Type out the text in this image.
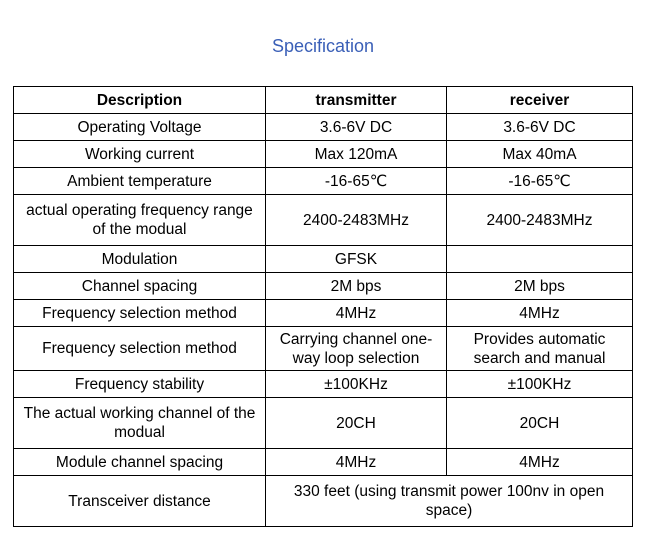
Specification
Description	transmitter	receiver
Operating Voltage	3.6-6V DC	3.6-6V DC
Working current	Max 120mA	Max 40mA
Ambient temperature	-16-65℃	-16-65℃
actual operating frequency range of the modual	2400-2483MHz	2400-2483MHz
Modulation	GFSK	
Channel spacing	2M bps	2M bps
Frequency selection method	4MHz	4MHz
Frequency selection method	Carrying channel one-way loop selection	Provides automatic search and manual
Frequency stability	±100KHz	±100KHz
The actual working channel of the modual	20CH	20CH
Module channel spacing	4MHz	4MHz
Transceiver distance	330 feet (using transmit power 100nv in open space)	
